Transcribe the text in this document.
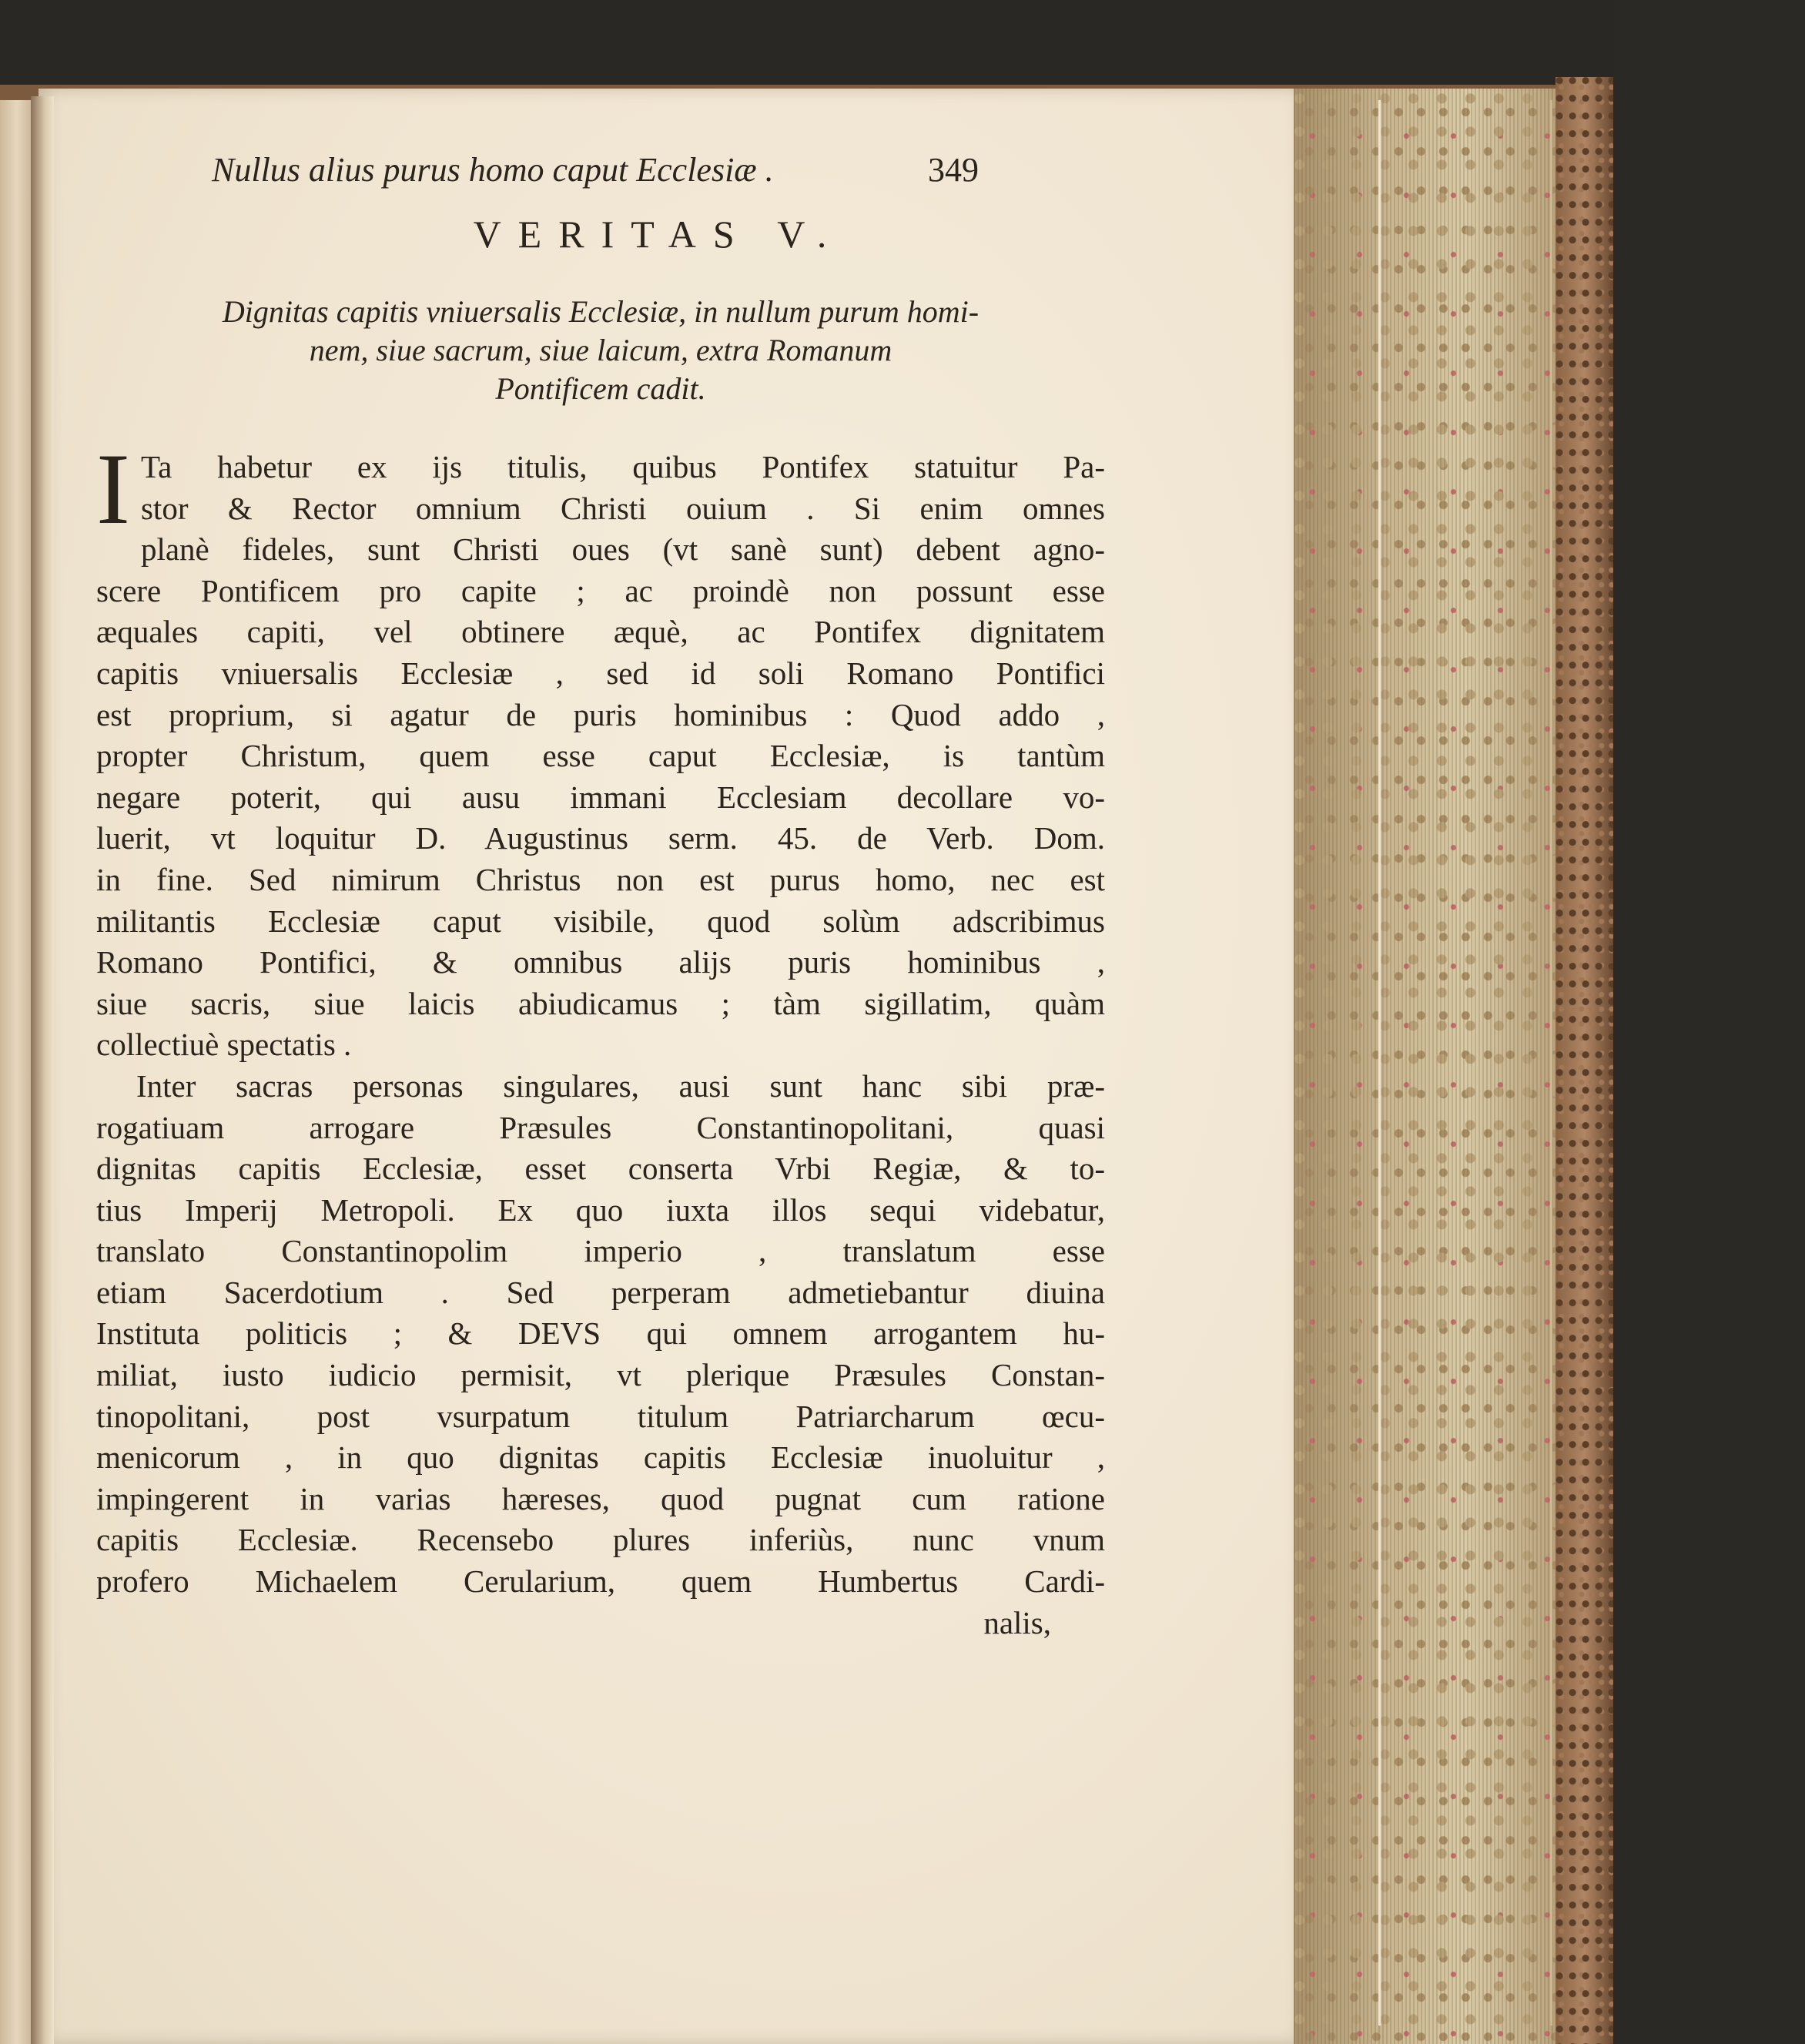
Nullus alius purus homo caput Ecclesiæ .	349
VERITAS V.
Dignitas capitis vniuersalis Ecclesiæ, in nullum purum homi-
nem, siue sacrum, siue laicum, extra Romanum
Pontificem cadit.
I Ta habetur ex ijs titulis, quibus Pontifex statuitur Pa-
stor & Rector omnium Christi ouium . Si enim omnes
planè fideles, sunt Christi oues (vt sanè sunt) debent agno-
scere Pontificem pro capite ; ac proindè non possunt esse
æquales capiti, vel obtinere æquè, ac Pontifex dignitatem
capitis vniuersalis Ecclesiæ , sed id soli Romano Pontifici
est proprium, si agatur de puris hominibus : Quod addo ,
propter Christum, quem esse caput Ecclesiæ, is tantùm
negare poterit, qui ausu immani Ecclesiam decollare vo-
luerit, vt loquitur D. Augustinus serm. 45. de Verb. Dom.
in fine. Sed nimirum Christus non est purus homo, nec est
militantis Ecclesiæ caput visibile, quod solùm adscribimus
Romano Pontifici, & omnibus alijs puris hominibus ,
siue sacris, siue laicis abiudicamus ; tàm sigillatim, quàm
collectiuè spectatis .
Inter sacras personas singulares, ausi sunt hanc sibi præ-
rogatiuam arrogare Præsules Constantinopolitani, quasi
dignitas capitis Ecclesiæ, esset conserta Vrbi Regiæ, & to-
tius Imperij Metropoli. Ex quo iuxta illos sequi videbatur,
translato Constantinopolim imperio , translatum esse
etiam Sacerdotium . Sed perperam admetiebantur diuina
Instituta politicis ; & DEVS qui omnem arrogantem hu-
miliat, iusto iudicio permisit, vt plerique Præsules Constan-
tinopolitani, post vsurpatum titulum Patriarcharum œcu-
menicorum , in quo dignitas capitis Ecclesiæ inuoluitur ,
impingerent in varias hæreses, quod pugnat cum ratione
capitis Ecclesiæ. Recensebo plures inferiùs, nunc vnum
profero Michaelem Cerularium, quem Humbertus Cardi-
nalis,
